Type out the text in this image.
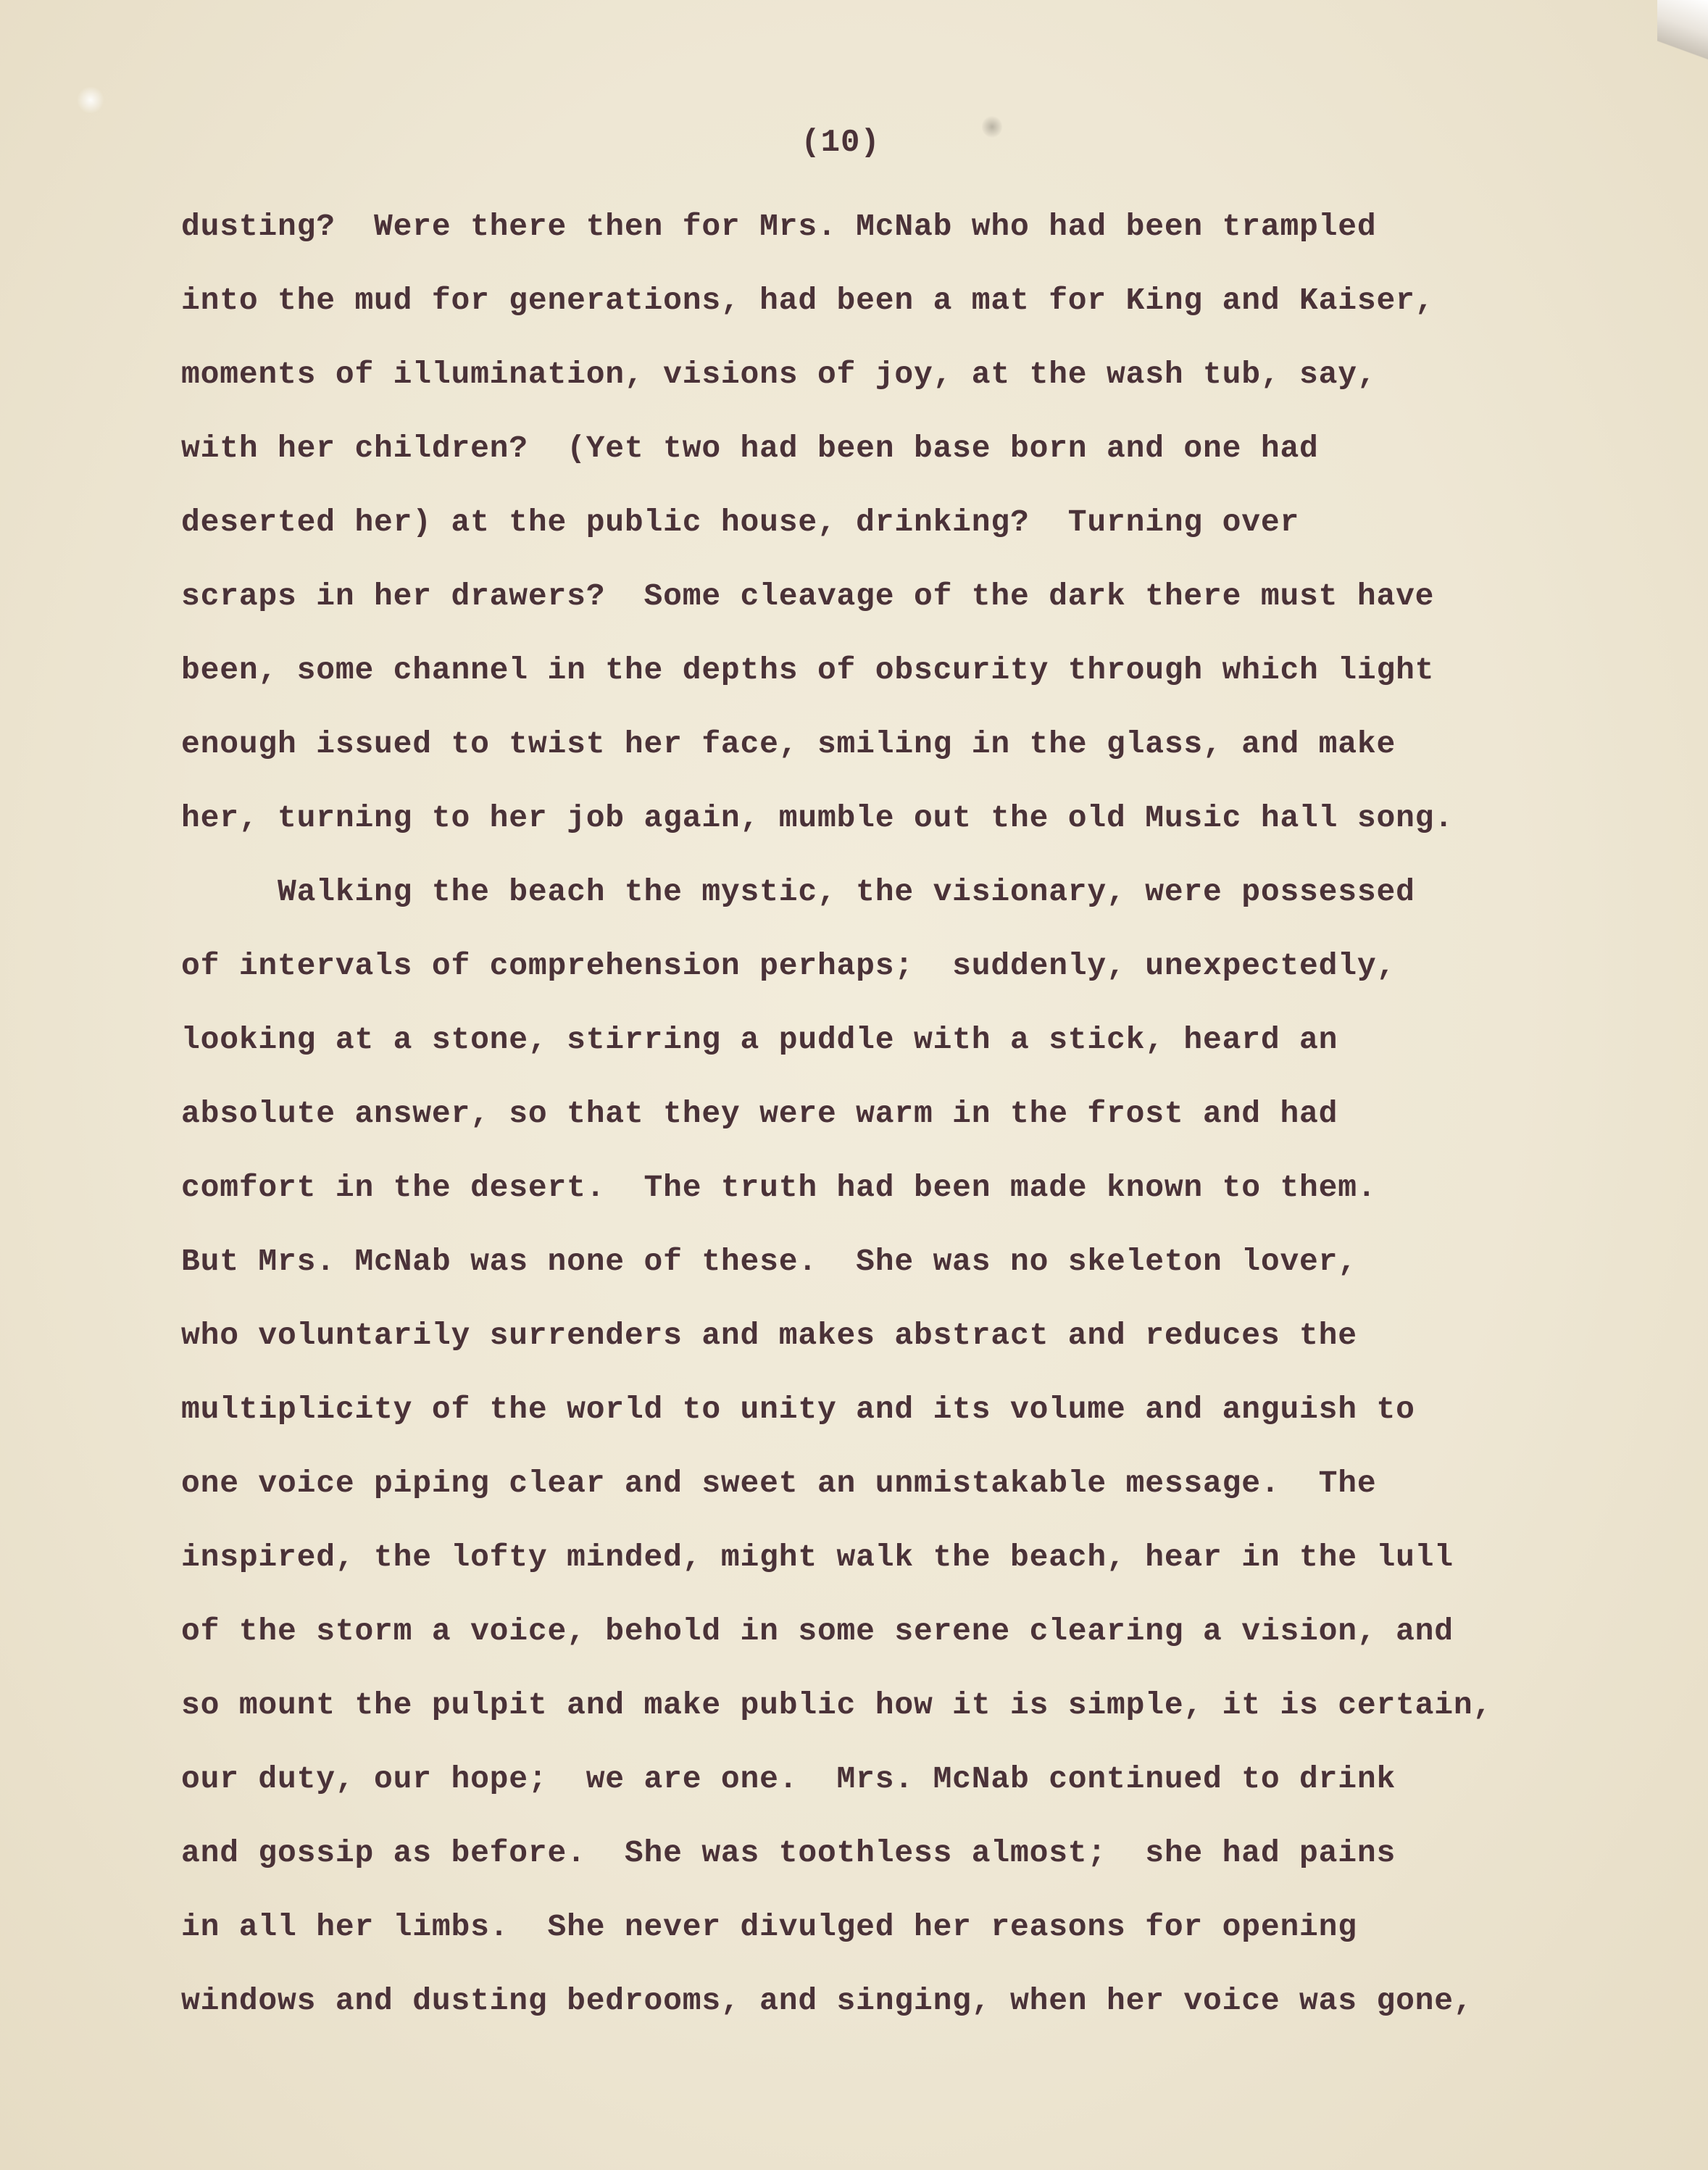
(10)
dusting?  Were there then for Mrs. McNab who had been trampled
into the mud for generations, had been a mat for King and Kaiser,
moments of illumination, visions of joy, at the wash tub, say,
with her children?  (Yet two had been base born and one had
deserted her) at the public house, drinking?  Turning over
scraps in her drawers?  Some cleavage of the dark there must have
been, some channel in the depths of obscurity through which light
enough issued to twist her face, smiling in the glass, and make
her, turning to her job again, mumble out the old Music hall song.
Walking the beach the mystic, the visionary, were possessed
of intervals of comprehension perhaps;  suddenly, unexpectedly,
looking at a stone, stirring a puddle with a stick, heard an
absolute answer, so that they were warm in the frost and had
comfort in the desert.  The truth had been made known to them.
But Mrs. McNab was none of these.  She was no skeleton lover,
who voluntarily surrenders and makes abstract and reduces the
multiplicity of the world to unity and its volume and anguish to
one voice piping clear and sweet an unmistakable message.  The
inspired, the lofty minded, might walk the beach, hear in the lull
of the storm a voice, behold in some serene clearing a vision, and
so mount the pulpit and make public how it is simple, it is certain,
our duty, our hope;  we are one.  Mrs. McNab continued to drink
and gossip as before.  She was toothless almost;  she had pains
in all her limbs.  She never divulged her reasons for opening
windows and dusting bedrooms, and singing, when her voice was gone,
